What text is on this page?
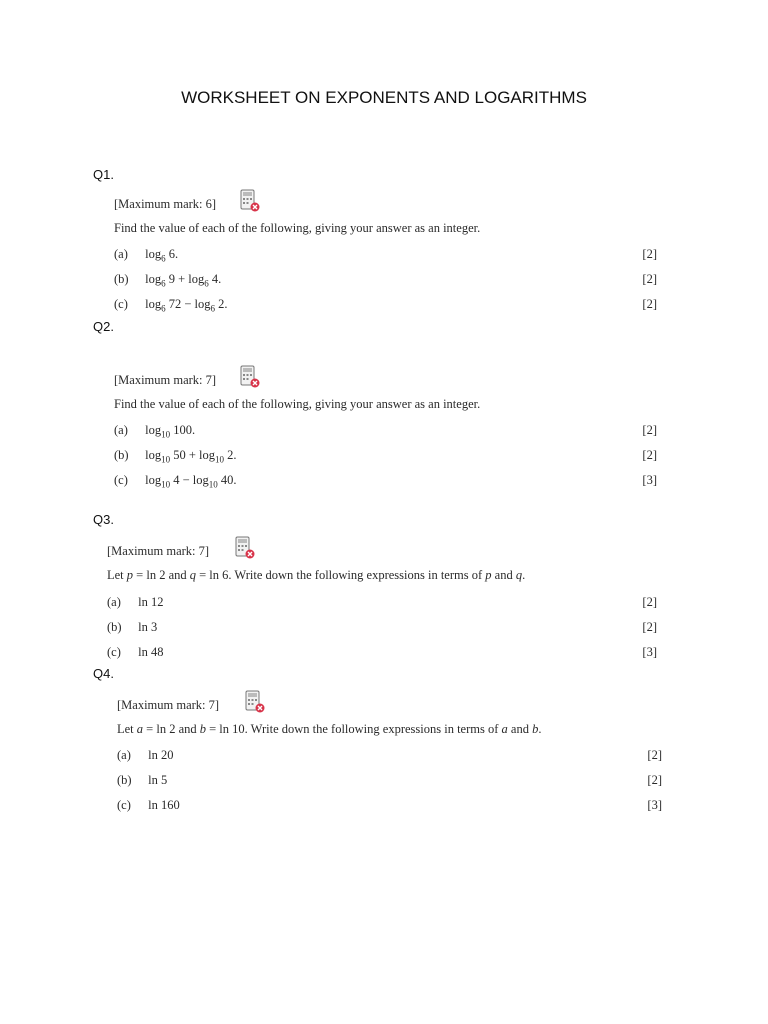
WORKSHEET ON EXPONENTS AND LOGARITHMS
Q1.
[Maximum mark: 6]
Find the value of each of the following, giving your answer as an integer.
(a) $\log_6 6$.	[2]
(b) $\log_6 9 + \log_6 4$.	[2]
(c) $\log_6 72 - \log_6 2$.	[2]
Q2.
[Maximum mark: 7]
Find the value of each of the following, giving your answer as an integer.
(a) $\log_{10} 100$.	[2]
(b) $\log_{10} 50 + \log_{10} 2$.	[2]
(c) $\log_{10} 4 - \log_{10} 40$.	[3]
Q3.
[Maximum mark: 7]
Let p = ln 2 and q = ln 6. Write down the following expressions in terms of p and q.
(a) ln 12	[2]
(b) ln 3	[2]
(c) ln 48	[3]
Q4.
[Maximum mark: 7]
Let a = ln 2 and b = ln 10. Write down the following expressions in terms of a and b.
(a) ln 20	[2]
(b) ln 5	[2]
(c) ln 160	[3]
